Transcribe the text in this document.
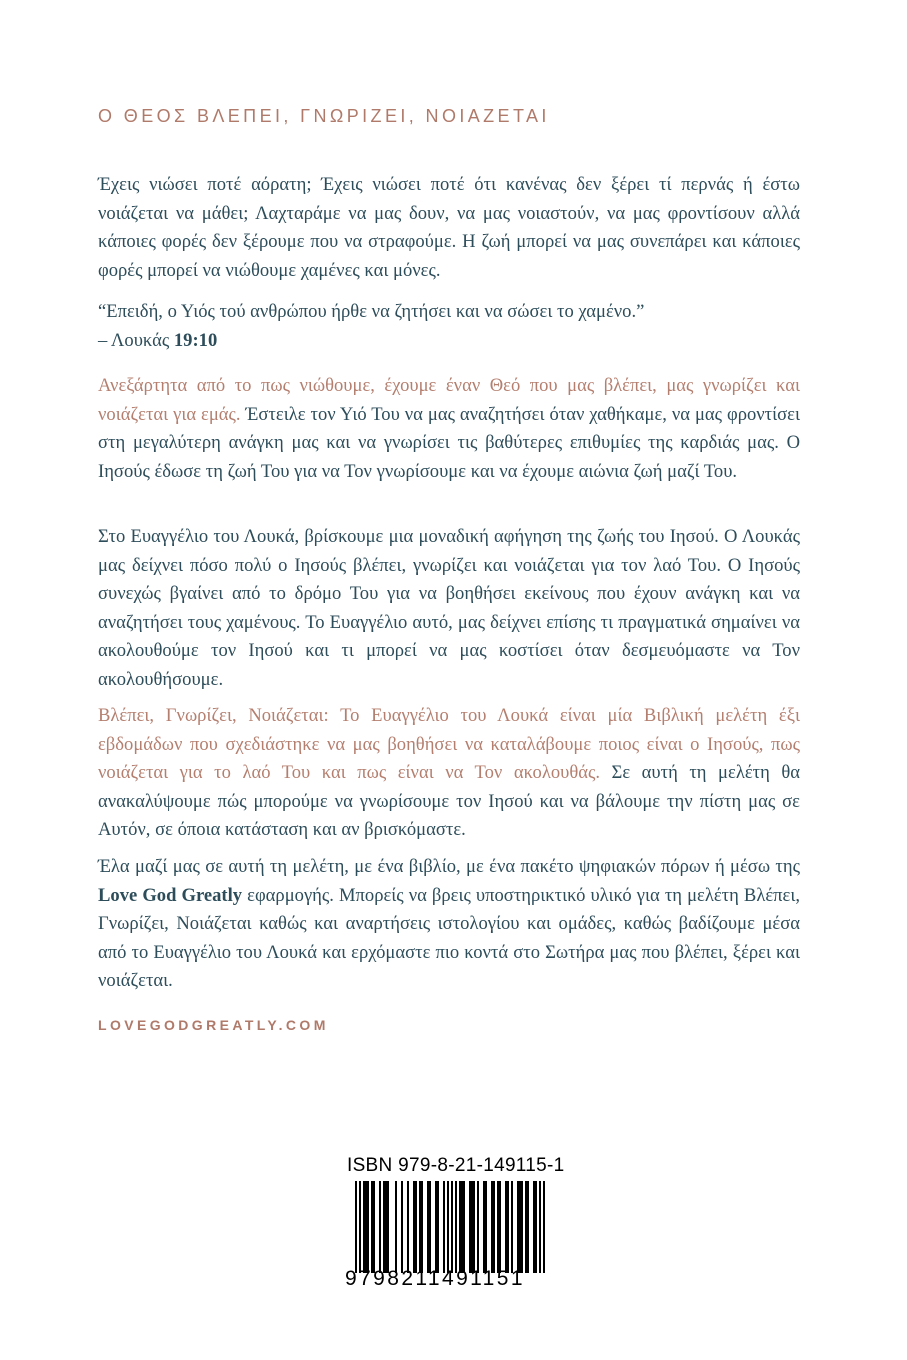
Ο ΘΕΟΣ ΒΛΕΠΕΙ, ΓΝΩΡΙΖΕΙ, ΝΟΙΑΖΕΤΑΙ
Έχεις νιώσει ποτέ αόρατη; Έχεις νιώσει ποτέ ότι κανένας δεν ξέρει τί περνάς ή έστω νοιάζεται να μάθει; Λαχταράμε να μας δουν, να μας νοιαστούν, να μας φροντίσουν αλλά κάποιες φορές δεν ξέρουμε που να στραφούμε. Η ζωή μπορεί να μας συνεπάρει και κάποιες φορές μπορεί να νιώθουμε χαμένες και μόνες.
“Επειδή, ο Υιός τού ανθρώπου ήρθε να ζητήσει και να σώσει το χαμένο.”
– Λουκάς 19:10
Ανεξάρτητα από το πως νιώθουμε, έχουμε έναν Θεό που μας βλέπει, μας γνωρίζει και νοιάζεται για εμάς. Έστειλε τον Υιό Του να μας αναζητήσει όταν χαθήκαμε, να μας φροντίσει στη μεγαλύτερη ανάγκη μας και να γνωρίσει τις βαθύτερες επιθυμίες της καρδιάς μας. Ο Ιησούς έδωσε τη ζωή Του για να Τον γνωρίσουμε και να έχουμε αιώνια ζωή μαζί Του.
Στο Ευαγγέλιο του Λουκά, βρίσκουμε μια μοναδική αφήγηση της ζωής του Ιησού. Ο Λουκάς μας δείχνει πόσο πολύ ο Ιησούς βλέπει, γνωρίζει και νοιάζεται για τον λαό Του. Ο Ιησούς συνεχώς βγαίνει από το δρόμο Του για να βοηθήσει εκείνους που έχουν ανάγκη και να αναζητήσει τους χαμένους. Το Ευαγγέλιο αυτό, μας δείχνει επίσης τι πραγματικά σημαίνει να ακολουθούμε τον Ιησού και τι μπορεί να μας κοστίσει όταν δεσμευόμαστε να Τον ακολουθήσουμε.
Βλέπει, Γνωρίζει, Νοιάζεται: Το Ευαγγέλιο του Λουκά είναι μία Βιβλική μελέτη έξι εβδομάδων που σχεδιάστηκε να μας βοηθήσει να καταλάβουμε ποιος είναι ο Ιησούς, πως νοιάζεται για το λαό Του και πως είναι να Τον ακολουθάς. Σε αυτή τη μελέτη θα ανακαλύψουμε πώς μπορούμε να γνωρίσουμε τον Ιησού και να βάλουμε την πίστη μας σε Αυτόν, σε όποια κατάσταση και αν βρισκόμαστε.
Έλα μαζί μας σε αυτή τη μελέτη, με ένα βιβλίο, με ένα πακέτο ψηφιακών πόρων ή μέσω της Love God Greatly εφαρμογής. Μπορείς να βρεις υποστηρικτικό υλικό για τη μελέτη Βλέπει, Γνωρίζει, Νοιάζεται καθώς και αναρτήσεις ιστολογίου και ομάδες, καθώς βαδίζουμε μέσα από το Ευαγγέλιο του Λουκά και ερχόμαστε πιο κοντά στο Σωτήρα μας που βλέπει, ξέρει και νοιάζεται.
LOVEGODGREATLY.COM
ISBN 979-8-21-149115-1
9798211491151
